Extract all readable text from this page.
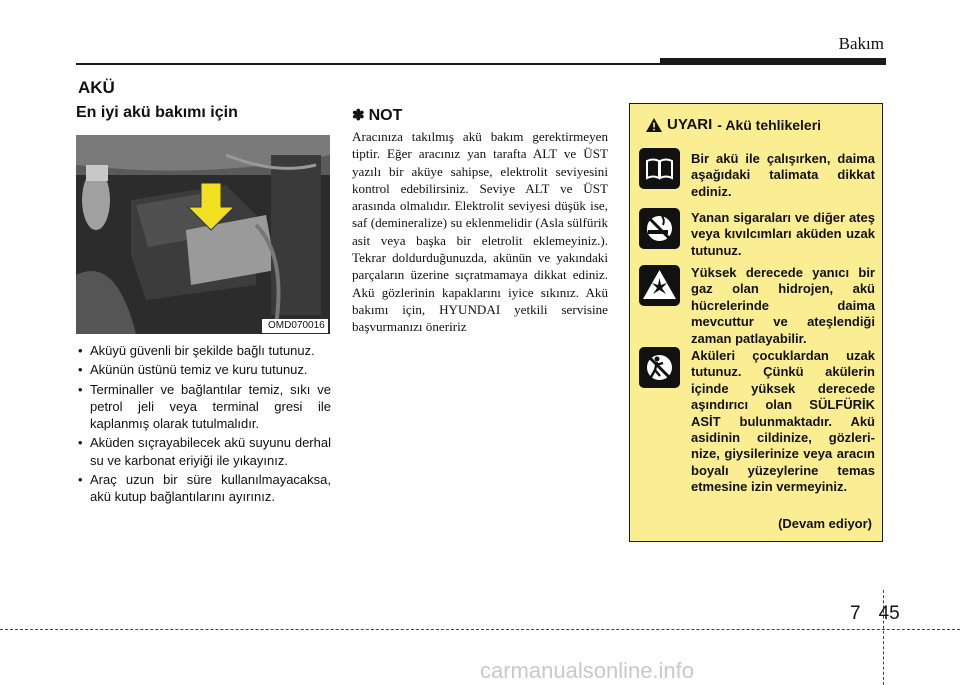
Bakım
AKÜ
En iyi akü bakımı için
OMD070016
• Aküyü güvenli bir şekilde bağlı tutunuz.
• Akünün üstünü temiz ve kuru tutunuz.
• Terminaller ve bağlantılar temiz, sıkı ve petrol jeli veya terminal gresi ile kaplanmış olarak tutulmalıdır.
• Aküden sıçrayabilecek akü suyunu derhal su ve karbonat eriyiği ile yıkayınız.
• Araç uzun bir süre kullanılmayacaksa, akü kutup bağlantılarını ayırınız.
✽ NOT

Aracınıza takılmış akü bakım gerektirmeyen tiptir. Eğer aracınız yan tarafta ALT ve ÜST yazılı bir aküye sahipse, elektrolit seviyesini kontrol edebilirsiniz. Seviye ALT ve ÜST arasında olmalıdır. Elektrolit seviyesi düşük ise, saf (demineralize) su eklenmelidir (Asla sülfürik asit veya başka bir eletrolit eklemeyiniz.). Tekrar doldurduğunuzda, akünün ve yakındaki parçaların üzerine sıçratmamaya dikkat ediniz. Akü gözlerinin kapaklarını iyice sıkınız. Akü bakımı için, HYUNDAI yetkili servisine başvurmanızı öneririz

UYARI - Akü tehlikeleri

Bir akü ile çalışırken, daima aşağıdaki talimata dikkat ediniz.

Yanan sigaraları ve diğer ateş veya kıvılcımları aküden uzak tutunuz.

Yüksek derecede yanıcı bir gaz olan hidrojen, akü hücrelerinde daima mevcuttur ve ateşlendiği zaman patlayabilir.

Aküleri çocuklardan uzak tutunuz. Çünkü akülerin içinde yüksek derecede aşındırıcı olan SÜLFÜRİK ASİT bulunmaktadır. Akü asidinin cildinize, gözleri-nize, giysilerinize veya aracın boyalı yüzeylerine temas etmesine izin vermeyiniz.

(Devam ediyor)
7 45
carmanualsonline.info
